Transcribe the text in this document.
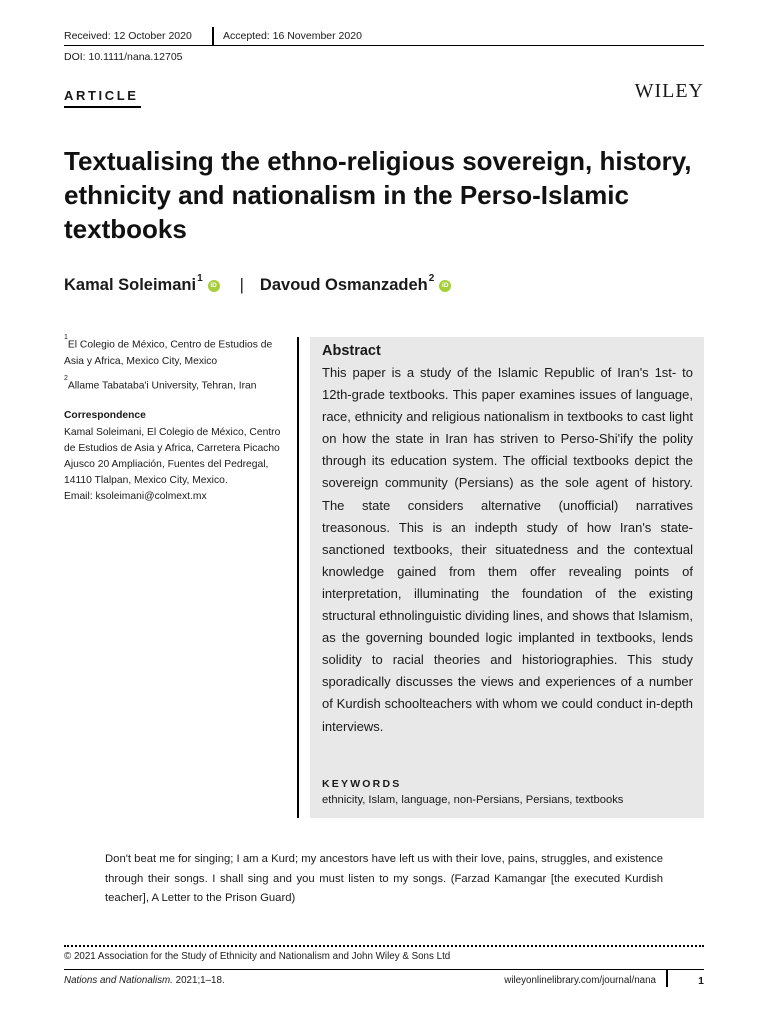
Received: 12 October 2020	Accepted: 16 November 2020
DOI: 10.1111/nana.12705
ARTICLE	WILEY
Textualising the ethno-religious sovereign, history, ethnicity and nationalism in the Perso-Islamic textbooks
Kamal Soleimani$^1$
iD | Davoud Osmanzadeh$^2$
iD

$^1$El Colegio de México, Centro de Estudios de Asia y Africa, Mexico City, Mexico

$^2$Allame Tabataba'i University, Tehran, Iran

Correspondence

Kamal Soleimani, El Colegio de México, Centro de Estudios de Asia y Africa, Carretera Picacho Ajusco 20 Ampliación, Fuentes del Pedregal, 14110 Tlalpan, Mexico City, Mexico.

Email: ksoleimani@colmext.mx

Abstract
This paper is a study of the Islamic Republic of Iran's 1st- to 12th-grade textbooks. This paper examines issues of language, race, ethnicity and religious nationalism in textbooks to cast light on how the state in Iran has striven to Perso-Shi'ify the polity through its education system. The official textbooks depict the sovereign community (Persians) as the sole agent of history. The state considers alternative (unofficial) narratives treasonous. This is an indepth study of how Iran's state-sanctioned textbooks, their situatedness and the contextual knowledge gained from them offer revealing points of interpretation, illuminating the foundation of the existing structural ethnolinguistic dividing lines, and shows that Islamism, as the governing bounded logic implanted in textbooks, lends solidity to racial theories and historiographies. This study sporadically discusses the views and experiences of a number of Kurdish schoolteachers with whom we could conduct in-depth interviews.
KEYWORDS
ethnicity, Islam, language, non-Persians, Persians, textbooks
Don't beat me for singing; I am a Kurd; my ancestors have left us with their love, pains, struggles, and existence through their songs. I shall sing and you must listen to my songs. (Farzad Kamangar [the executed Kurdish teacher], A Letter to the Prison Guard)
© 2021 Association for the Study of Ethnicity and Nationalism and John Wiley & Sons Ltd
Nations and Nationalism. 2021;1–18.	wileyonlinelibrary.com/journal/nana	1
